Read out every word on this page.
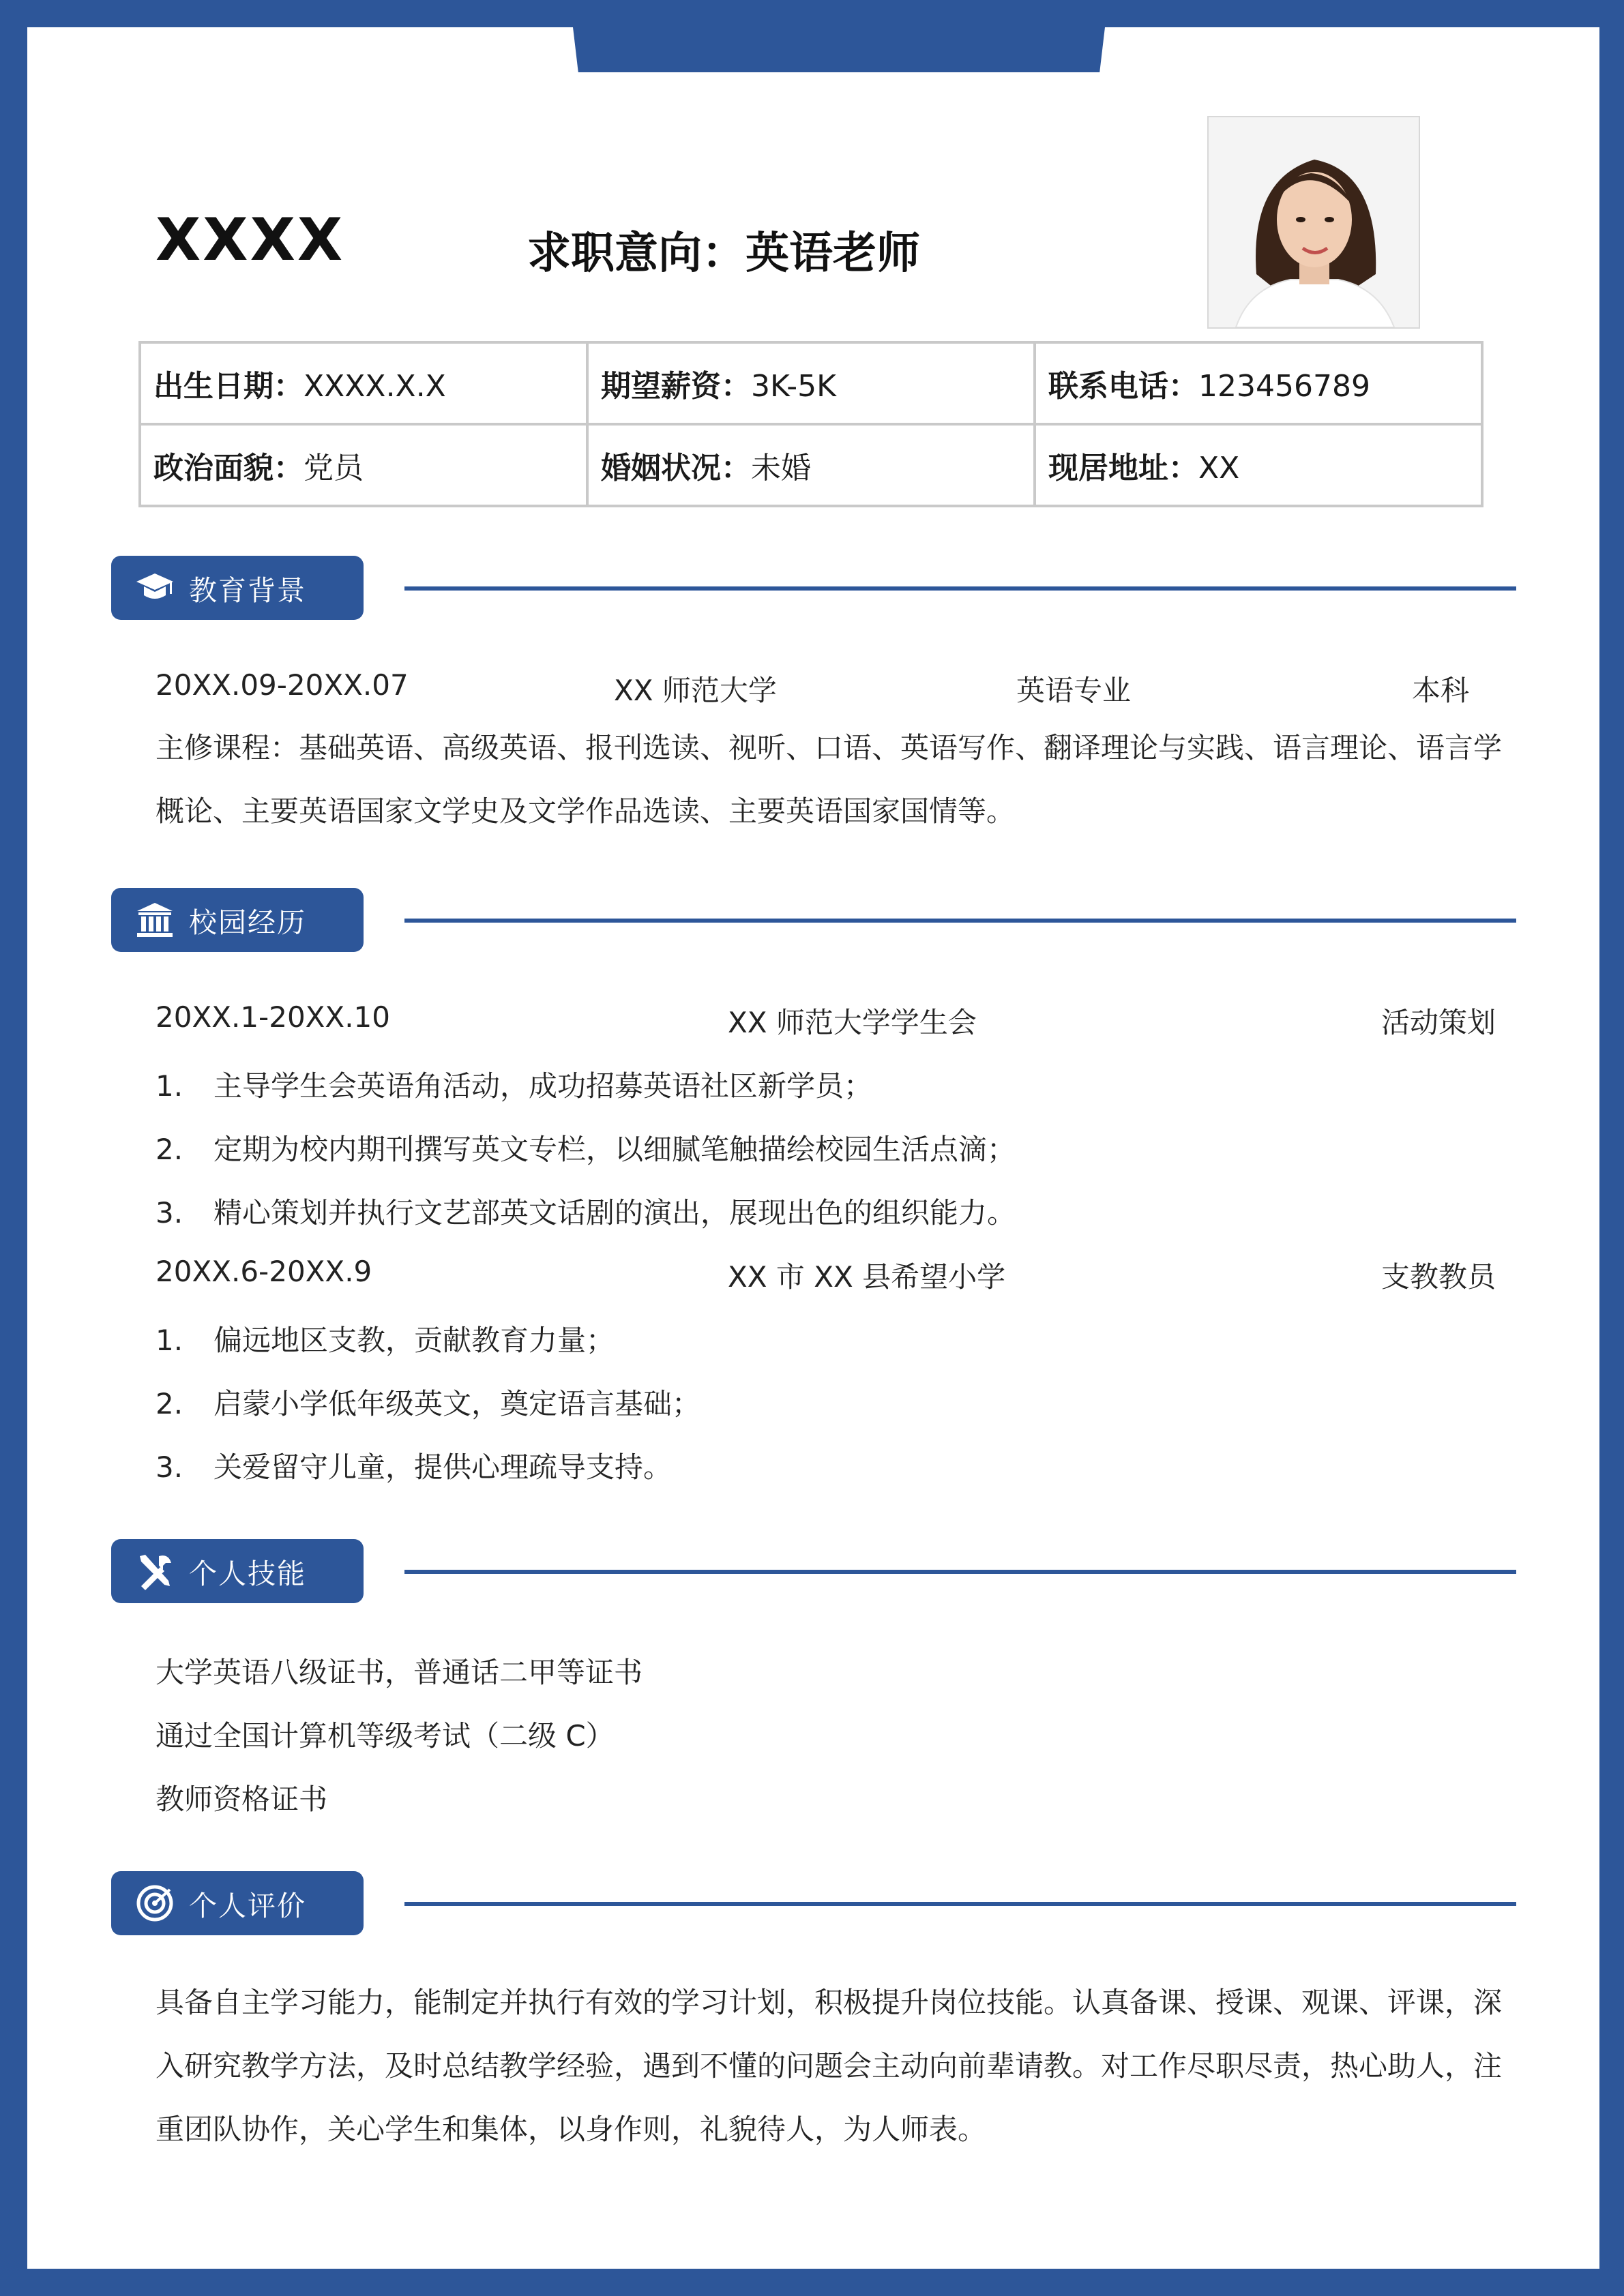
XXXX	求职意向：英语老师
出生日期：XXXX.X.X	期望薪资：3K-5K	联系电话：123456789
政治面貌：党员	婚姻状况：未婚	现居地址：XX
教育背景
20XX.09-20XX.07	XX 师范大学	英语专业	本科
主修课程：基础英语、高级英语、报刊选读、视听、口语、英语写作、翻译理论与实践、语言理论、语言学概论、主要英语国家文学史及文学作品选读、主要英语国家国情等。
校园经历
20XX.1-20XX.10	XX 师范大学学生会	活动策划
1. 主导学生会英语角活动，成功招募英语社区新学员；
2. 定期为校内期刊撰写英文专栏，以细腻笔触描绘校园生活点滴；
3. 精心策划并执行文艺部英文话剧的演出，展现出色的组织能力。
20XX.6-20XX.9	XX 市 XX 县希望小学	支教教员
1. 偏远地区支教，贡献教育力量；
2. 启蒙小学低年级英文，奠定语言基础；
3. 关爱留守儿童，提供心理疏导支持。
个人技能
大学英语八级证书，普通话二甲等证书
通过全国计算机等级考试（二级 C）
教师资格证书
个人评价
具备自主学习能力，能制定并执行有效的学习计划，积极提升岗位技能。认真备课、授课、观课、评课，深入研究教学方法，及时总结教学经验，遇到不懂的问题会主动向前辈请教。对工作尽职尽责，热心助人，注重团队协作，关心学生和集体，以身作则，礼貌待人，为人师表。
